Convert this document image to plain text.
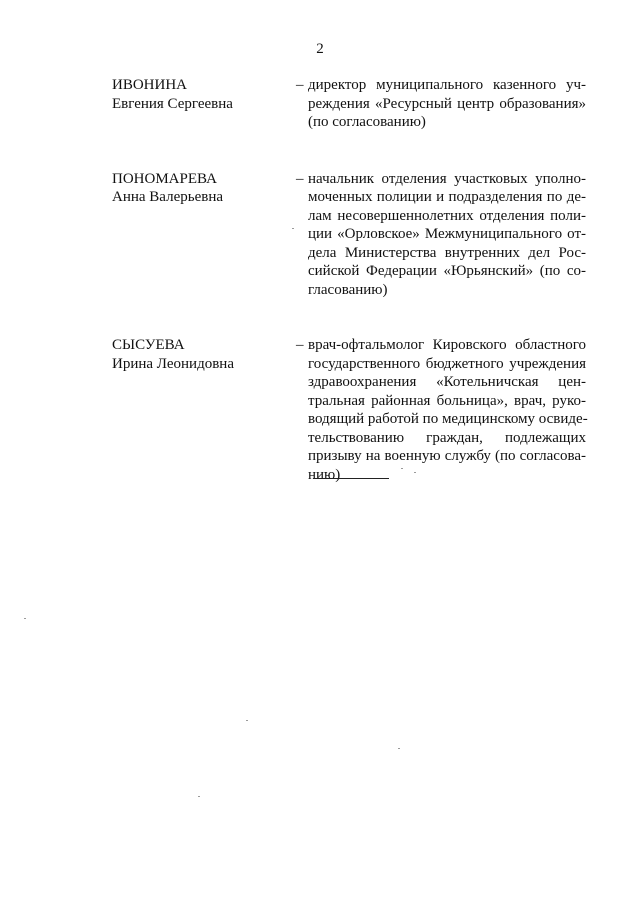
2
ИВОНИНА
Евгения Сергеевна
– директор муниципального казенного уч-
реждения «Ресурсный центр образования»
(по согласованию)
ПОНОМАРЕВА
Анна Валерьевна
– начальник отделения участковых уполно-
моченных полиции и подразделения по де-
лам несовершеннолетних отделения поли-
ции «Орловское» Межмуниципального от-
дела Министерства внутренних дел Рос-
сийской Федерации «Юрьянский» (по со-
гласованию)
СЫСУЕВА
Ирина Леонидовна
– врач-офтальмолог Кировского областного
государственного бюджетного учреждения
здравоохранения «Котельничская цен-
тральная районная больница», врач, руко-
водящий работой по медицинскому освиде-
тельствованию граждан, подлежащих
призыву на военную службу (по согласова-
нию)
